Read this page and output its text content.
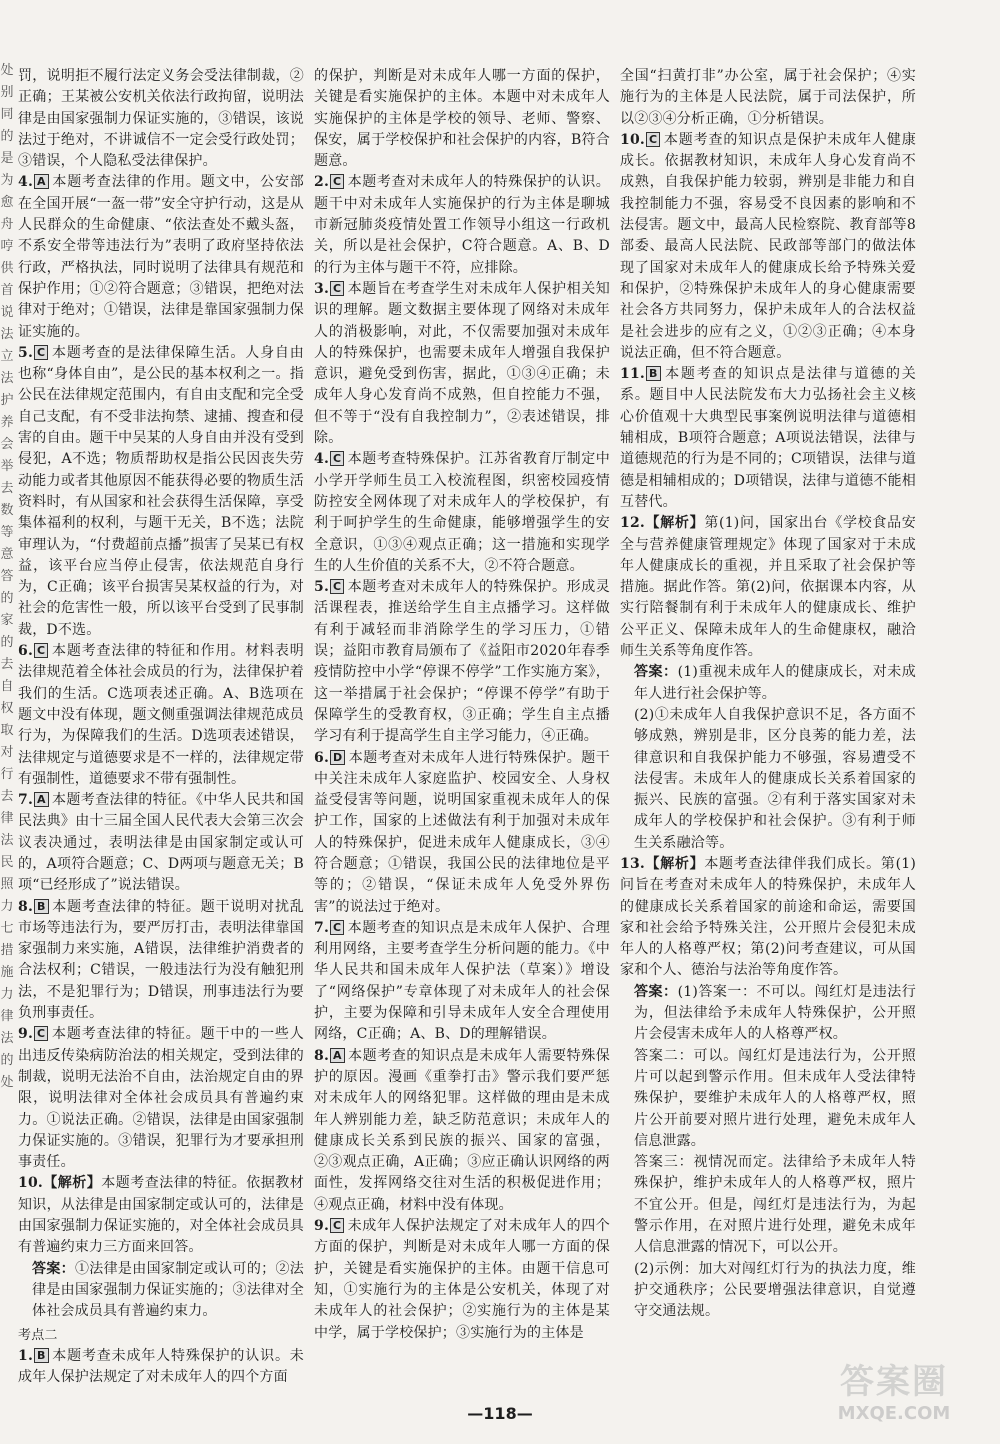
处
别
同
的
是
为
愈
舟
哼
供
首
说
法
立
法
护
养
会
举
去
数
等
意
答
的
家
的
去
自
权
取
对
行
去
律
法
民
照
力
七
措
施
力
律
法
的
处

罚，说明拒不履行法定义务会受法律制裁，②正确；王某被公安机关依法行政拘留，说明法律是由国家强制力保证实施的，③错误，该说法过于绝对，不讲诚信不一定会受行政处罚；③错误，个人隐私受法律保护。

4. A 本题考查法律的作用。题文中，公安部在全国开展“一盔一带”安全守护行动，这是从人民群众的生命健康、“依法查处不戴头盔，不系安全带等违法行为”表明了政府坚持依法行政，严格执法，同时说明了法律具有规范和保护作用；①②符合题意；③错误，把绝对法律对于绝对；①错误，法律是靠国家强制力保证实施的。

5. C 本题考查的是法律保障生活。人身自由也称“身体自由”，是公民的基本权利之一。指公民在法律规定范围内，有自由支配和完全受自己支配，有不受非法拘禁、逮捕、搜查和侵害的自由。题干中吴某的人身自由并没有受到侵犯，A不选；物质帮助权是指公民因丧失劳动能力或者其他原因不能获得必要的物质生活资料时，有从国家和社会获得生活保障，享受集体福利的权利，与题干无关，B不选；法院审理认为，“付费超前点播”损害了吴某已有权益，该平台应当停止侵害，依法规范自身行为，C正确；该平台损害吴某权益的行为，对社会的危害性一般，所以该平台受到了民事制裁，D不选。

6. C 本题考查法律的特征和作用。材料表明法律规范着全体社会成员的行为，法律保护着我们的生活。C选项表述正确。A、B选项在题文中没有体现，题文侧重强调法律规范成员行为，为保障我们的生活。D选项表述错误，法律规定与道德要求是不一样的，法律规定带有强制性，道德要求不带有强制性。

7. A 本题考查法律的特征。《中华人民共和国民法典》由十三届全国人民代表大会第三次会议表决通过，表明法律是由国家制定或认可的，A项符合题意；C、D两项与题意无关；B项“已经形成了”说法错误。

8. B 本题考查法律的特征。题干说明对扰乱市场等违法行为，要严厉打击，表明法律靠国家强制力来实施，A错误，法律维护消费者的合法权利；C错误，一般违法行为没有触犯刑法，不是犯罪行为；D错误，刑事违法行为要负刑事责任。

9. C 本题考查法律的特征。题干中的一些人出违反传染病防治法的相关规定，受到法律的制裁，说明无法治不自由，法治规定自由的界限，说明法律对全体社会成员具有普遍约束力。①说法正确。②错误，法律是由国家强制力保证实施的。③错误，犯罪行为才要承担刑事责任。

10.【解析】本题考查法律的特征。依据教材知识，从法律是由国家制定或认可的，法律是由国家强制力保证实施的，对全体社会成员具有普遍约束力三方面来回答。

答案：①法律是由国家制定或认可的；②法律是由国家强制力保证实施的；③法律对全体社会成员具有普遍约束力。

考点二

1. B 本题考查未成年人特殊保护的认识。未成年人保护法规定了对未成年人的四个方面

的保护，判断是对未成年人哪一方面的保护，关键是看实施保护的主体。本题中对未成年人实施保护的主体是学校的领导、老师、警察、保安，属于学校保护和社会保护的内容，B符合题意。

2. C 本题考查对未成年人的特殊保护的认识。题干中对未成年人实施保护的行为主体是聊城市新冠肺炎疫情处置工作领导小组这一行政机关，所以是社会保护，C符合题意。A、B、D的行为主体与题干不符，应排除。

3. C 本题旨在考查学生对未成年人保护相关知识的理解。题文数据主要体现了网络对未成年人的消极影响，对此，不仅需要加强对未成年人的特殊保护，也需要未成年人增强自我保护意识，避免受到伤害，据此，①③④正确；未成年人身心发育尚不成熟，但自控能力不强，但不等于“没有自我控制力”，②表述错误，排除。

4. C 本题考查特殊保护。江苏省教育厅制定中小学开学师生员工入校流程图，织密校园疫情防控安全网体现了对未成年人的学校保护，有利于呵护学生的生命健康，能够增强学生的安全意识，①③④观点正确；这一措施和实现学生的人生价值的关系不大，②不符合题意。

5. C 本题考查对未成年人的特殊保护。形成灵活课程表，推送给学生自主点播学习。这样做有利于减轻而非消除学生的学习压力，①错误；益阳市教育局颁布了《益阳市2020年春季疫情防控中小学“停课不停学”工作实施方案》，这一举措属于社会保护；“停课不停学”有助于保障学生的受教育权，③正确；学生自主点播学习有利于提高学生自主学习能力，④正确。

6. D 本题考查对未成年人进行特殊保护。题干中关注未成年人家庭监护、校园安全、人身权益受侵害等问题，说明国家重视未成年人的保护工作，国家的上述做法有利于加强对未成年人的特殊保护，促进未成年人健康成长，③④符合题意；①错误，我国公民的法律地位是平等的；②错误，“保证未成年人免受外界伤害”的说法过于绝对。

7. C 本题考查的知识点是未成年人保护、合理利用网络，主要考查学生分析问题的能力。《中华人民共和国未成年人保护法（草案）》增设了“网络保护”专章体现了对未成年人的社会保护，主要为保障和引导未成年人安全合理使用网络，C正确；A、B、D的理解错误。

8. A 本题考查的知识点是未成年人需要特殊保护的原因。漫画《重拳打击》警示我们要严惩对未成年人的网络犯罪。这样做的理由是未成年人辨别能力差，缺乏防范意识；未成年人的健康成长关系到民族的振兴、国家的富强，②③观点正确，A正确；③应正确认识网络的两面性，发挥网络交往对生活的积极促进作用；④观点正确，材料中没有体现。

9. C 未成年人保护法规定了对未成年人的四个方面的保护，判断是对未成年人哪一方面的保护，关键是看实施保护的主体。由题干信息可知，①实施行为的主体是公安机关，体现了对未成年人的社会保护；②实施行为的主体是某中学，属于学校保护；③实施行为的主体是

全国“扫黄打非”办公室，属于社会保护；④实施行为的主体是人民法院，属于司法保护，所以②③④分析正确，①分析错误。

10. C 本题考查的知识点是保护未成年人健康成长。依据教材知识，未成年人身心发育尚不成熟，自我保护能力较弱，辨别是非能力和自我控制能力不强，容易受不良因素的影响和不法侵害。题文中，最高人民检察院、教育部等8部委、最高人民法院、民政部等部门的做法体现了国家对未成年人的健康成长给予特殊关爱和保护，②特殊保护未成年人的身心健康需要社会各方共同努力，保护未成年人的合法权益是社会进步的应有之义，①②③正确；④本身说法正确，但不符合题意。

11. B 本题考查的知识点是法律与道德的关系。题目中人民法院发布大力弘扬社会主义核心价值观十大典型民事案例说明法律与道德相辅相成，B项符合题意；A项说法错误，法律与道德规范的行为是不同的；C项错误，法律与道德是相辅相成的；D项错误，法律与道德不能相互替代。

12.【解析】第(1)问，国家出台《学校食品安全与营养健康管理规定》体现了国家对于未成年人健康成长的重视，并且采取了社会保护等措施。据此作答。第(2)问，依据课本内容，从实行陪餐制有利于未成年人的健康成长、维护公平正义、保障未成年人的生命健康权，融洽师生关系等角度作答。

答案：(1)重视未成年人的健康成长，对未成年人进行社会保护等。

(2)①未成年人自我保护意识不足，各方面不够成熟，辨别是非，区分良莠的能力差，法律意识和自我保护能力不够强，容易遭受不法侵害。未成年人的健康成长关系着国家的振兴、民族的富强。②有利于落实国家对未成年人的学校保护和社会保护。③有利于师生关系融洽等。

13.【解析】本题考查法律伴我们成长。第(1)问旨在考查对未成年人的特殊保护，未成年人的健康成长关系着国家的前途和命运，需要国家和社会给予特殊关注，公开照片会侵犯未成年人的人格尊严权；第(2)问考查建议，可从国家和个人、德治与法治等角度作答。

答案：(1)答案一：不可以。闯红灯是违法行为，但法律给予未成年人特殊保护，公开照片会侵害未成年人的人格尊严权。

答案二：可以。闯红灯是违法行为，公开照片可以起到警示作用。但未成年人受法律特殊保护，要维护未成年人的人格尊严权，照片公开前要对照片进行处理，避免未成年人信息泄露。

答案三：视情况而定。法律给予未成年人特殊保护，维护未成年人的人格尊严权，照片不宜公开。但是，闯红灯是违法行为，为起警示作用，在对照片进行处理，避免未成年人信息泄露的情况下，可以公开。

(2)示例：加大对闯红灯行为的执法力度，维护交通秩序；公民要增强法律意识，自觉遵守交通法规。

—118—
答案圈
MXQE.COM
